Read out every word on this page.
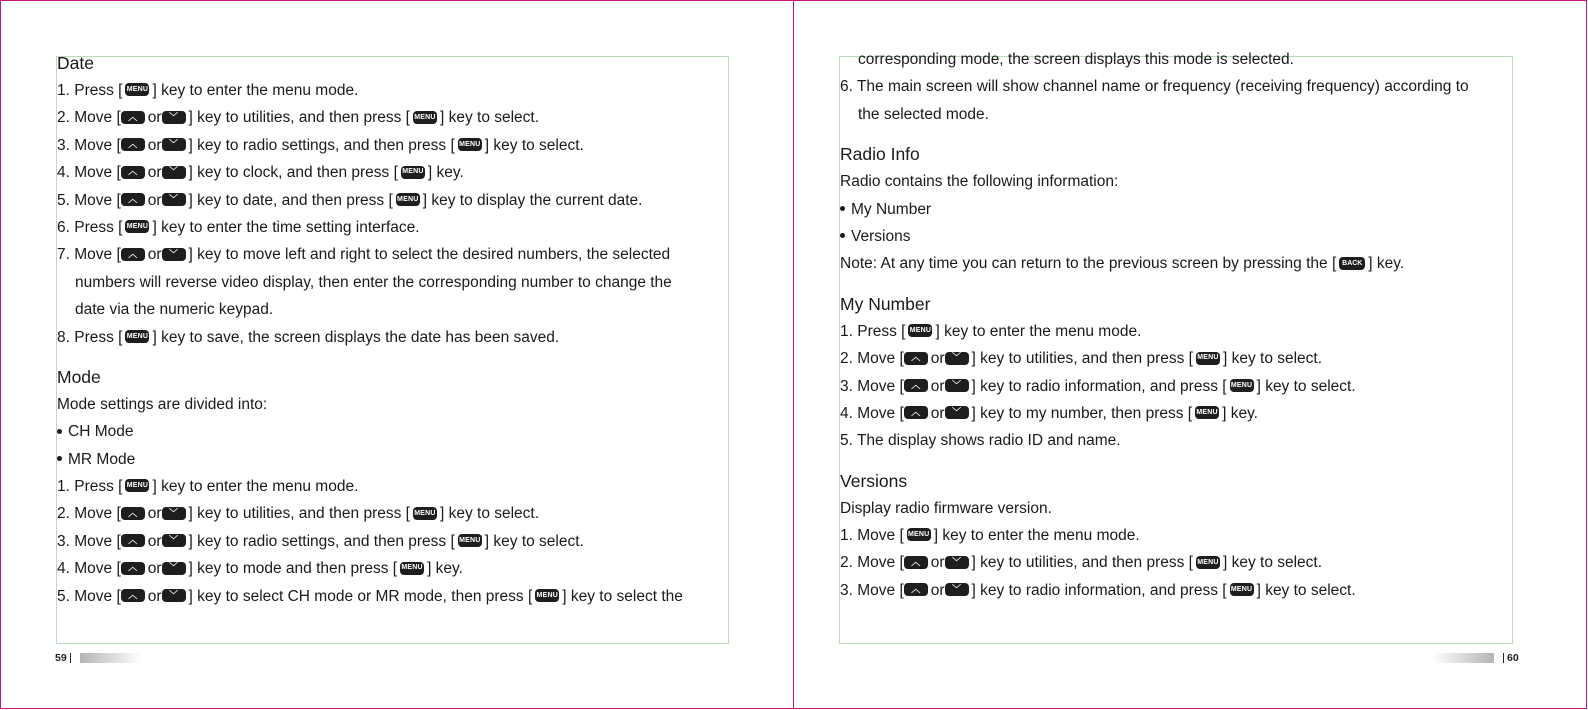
Date
1. Press [ MENU ] key to enter the menu mode.
2. Move [ ︿ or ﹀ ] key to utilities, and then press [ MENU ] key to select.
3. Move [ ︿ or ﹀ ] key to radio settings, and then press [ MENU ] key to select.
4. Move [ ︿ or ﹀ ] key to clock, and then press [ MENU ] key.
5. Move [ ︿ or ﹀ ] key to date, and then press [ MENU ] key to display the current date.
6. Press [ MENU ] key to enter the time setting interface.
7. Move [ ︿ or ﹀ ] key to move left and right to select the desired numbers, the selected
numbers will reverse video display, then enter the corresponding number to change the
date via the numeric keypad.
8. Press [ MENU ] key to save, the screen displays the date has been saved.
Mode
Mode settings are divided into:
CH Mode
MR Mode
1. Press [ MENU ] key to enter the menu mode.
2. Move [ ︿ or ﹀ ] key to utilities, and then press [ MENU ] key to select.
3. Move [ ︿ or ﹀ ] key to radio settings, and then press [ MENU ] key to select.
4. Move [ ︿ or ﹀ ] key to mode and then press [ MENU ] key.
5. Move [ ︿ or ﹀ ] key to select CH mode or MR mode, then press [ MENU ] key to select the
corresponding mode, the screen displays this mode is selected.
6. The main screen will show channel name or frequency (receiving frequency) according to
the selected mode.
Radio Info
Radio contains the following information:
My Number
Versions
Note: At any time you can return to the previous screen by pressing the [ BACK ] key.
My Number
1. Press [ MENU ] key to enter the menu mode.
2. Move [ ︿ or ﹀ ] key to utilities, and then press [ MENU ] key to select.
3. Move [ ︿ or ﹀ ] key to radio information, and press [ MENU ] key to select.
4. Move [ ︿ or ﹀ ] key to my number, then press [ MENU ] key.
5. The display shows radio ID and name.
Versions
Display radio firmware version.
1. Move [ MENU ] key to enter the menu mode.
2. Move [ ︿ or ﹀ ] key to utilities, and then press [ MENU ] key to select.
3. Move [ ︿ or ﹀ ] key to radio information, and press [ MENU ] key to select.
59	60
